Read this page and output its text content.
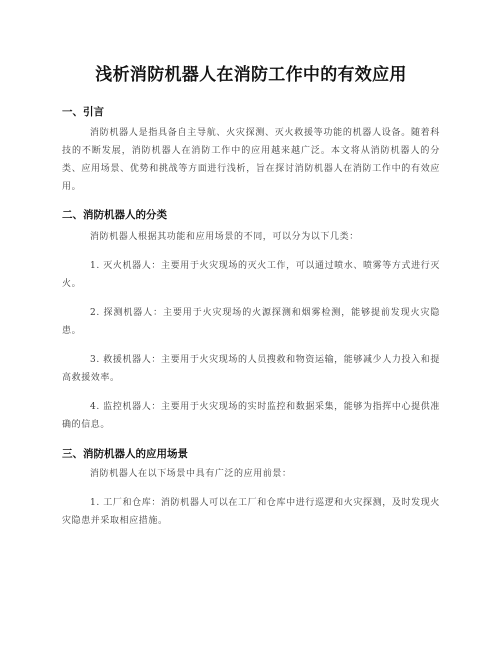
浅析消防机器人在消防工作中的有效应用
一、引言

消防机器人是指具备自主导航、火灾探测、灭火救援等功能的机器人设备。随着科技的不断发展，消防机器人在消防工作中的应用越来越广泛。本文将从消防机器人的分类、应用场景、优势和挑战等方面进行浅析，旨在探讨消防机器人在消防工作中的有效应用。

二、消防机器人的分类

消防机器人根据其功能和应用场景的不同，可以分为以下几类：

1. 灭火机器人：主要用于火灾现场的灭火工作，可以通过喷水、喷雾等方式进行灭火。

2. 探测机器人：主要用于火灾现场的火源探测和烟雾检测，能够提前发现火灾隐患。

3. 救援机器人：主要用于火灾现场的人员搜救和物资运输，能够减少人力投入和提高救援效率。

4. 监控机器人：主要用于火灾现场的实时监控和数据采集，能够为指挥中心提供准确的信息。

三、消防机器人的应用场景

消防机器人在以下场景中具有广泛的应用前景：

1. 工厂和仓库：消防机器人可以在工厂和仓库中进行巡逻和火灾探测，及时发现火灾隐患并采取相应措施。
